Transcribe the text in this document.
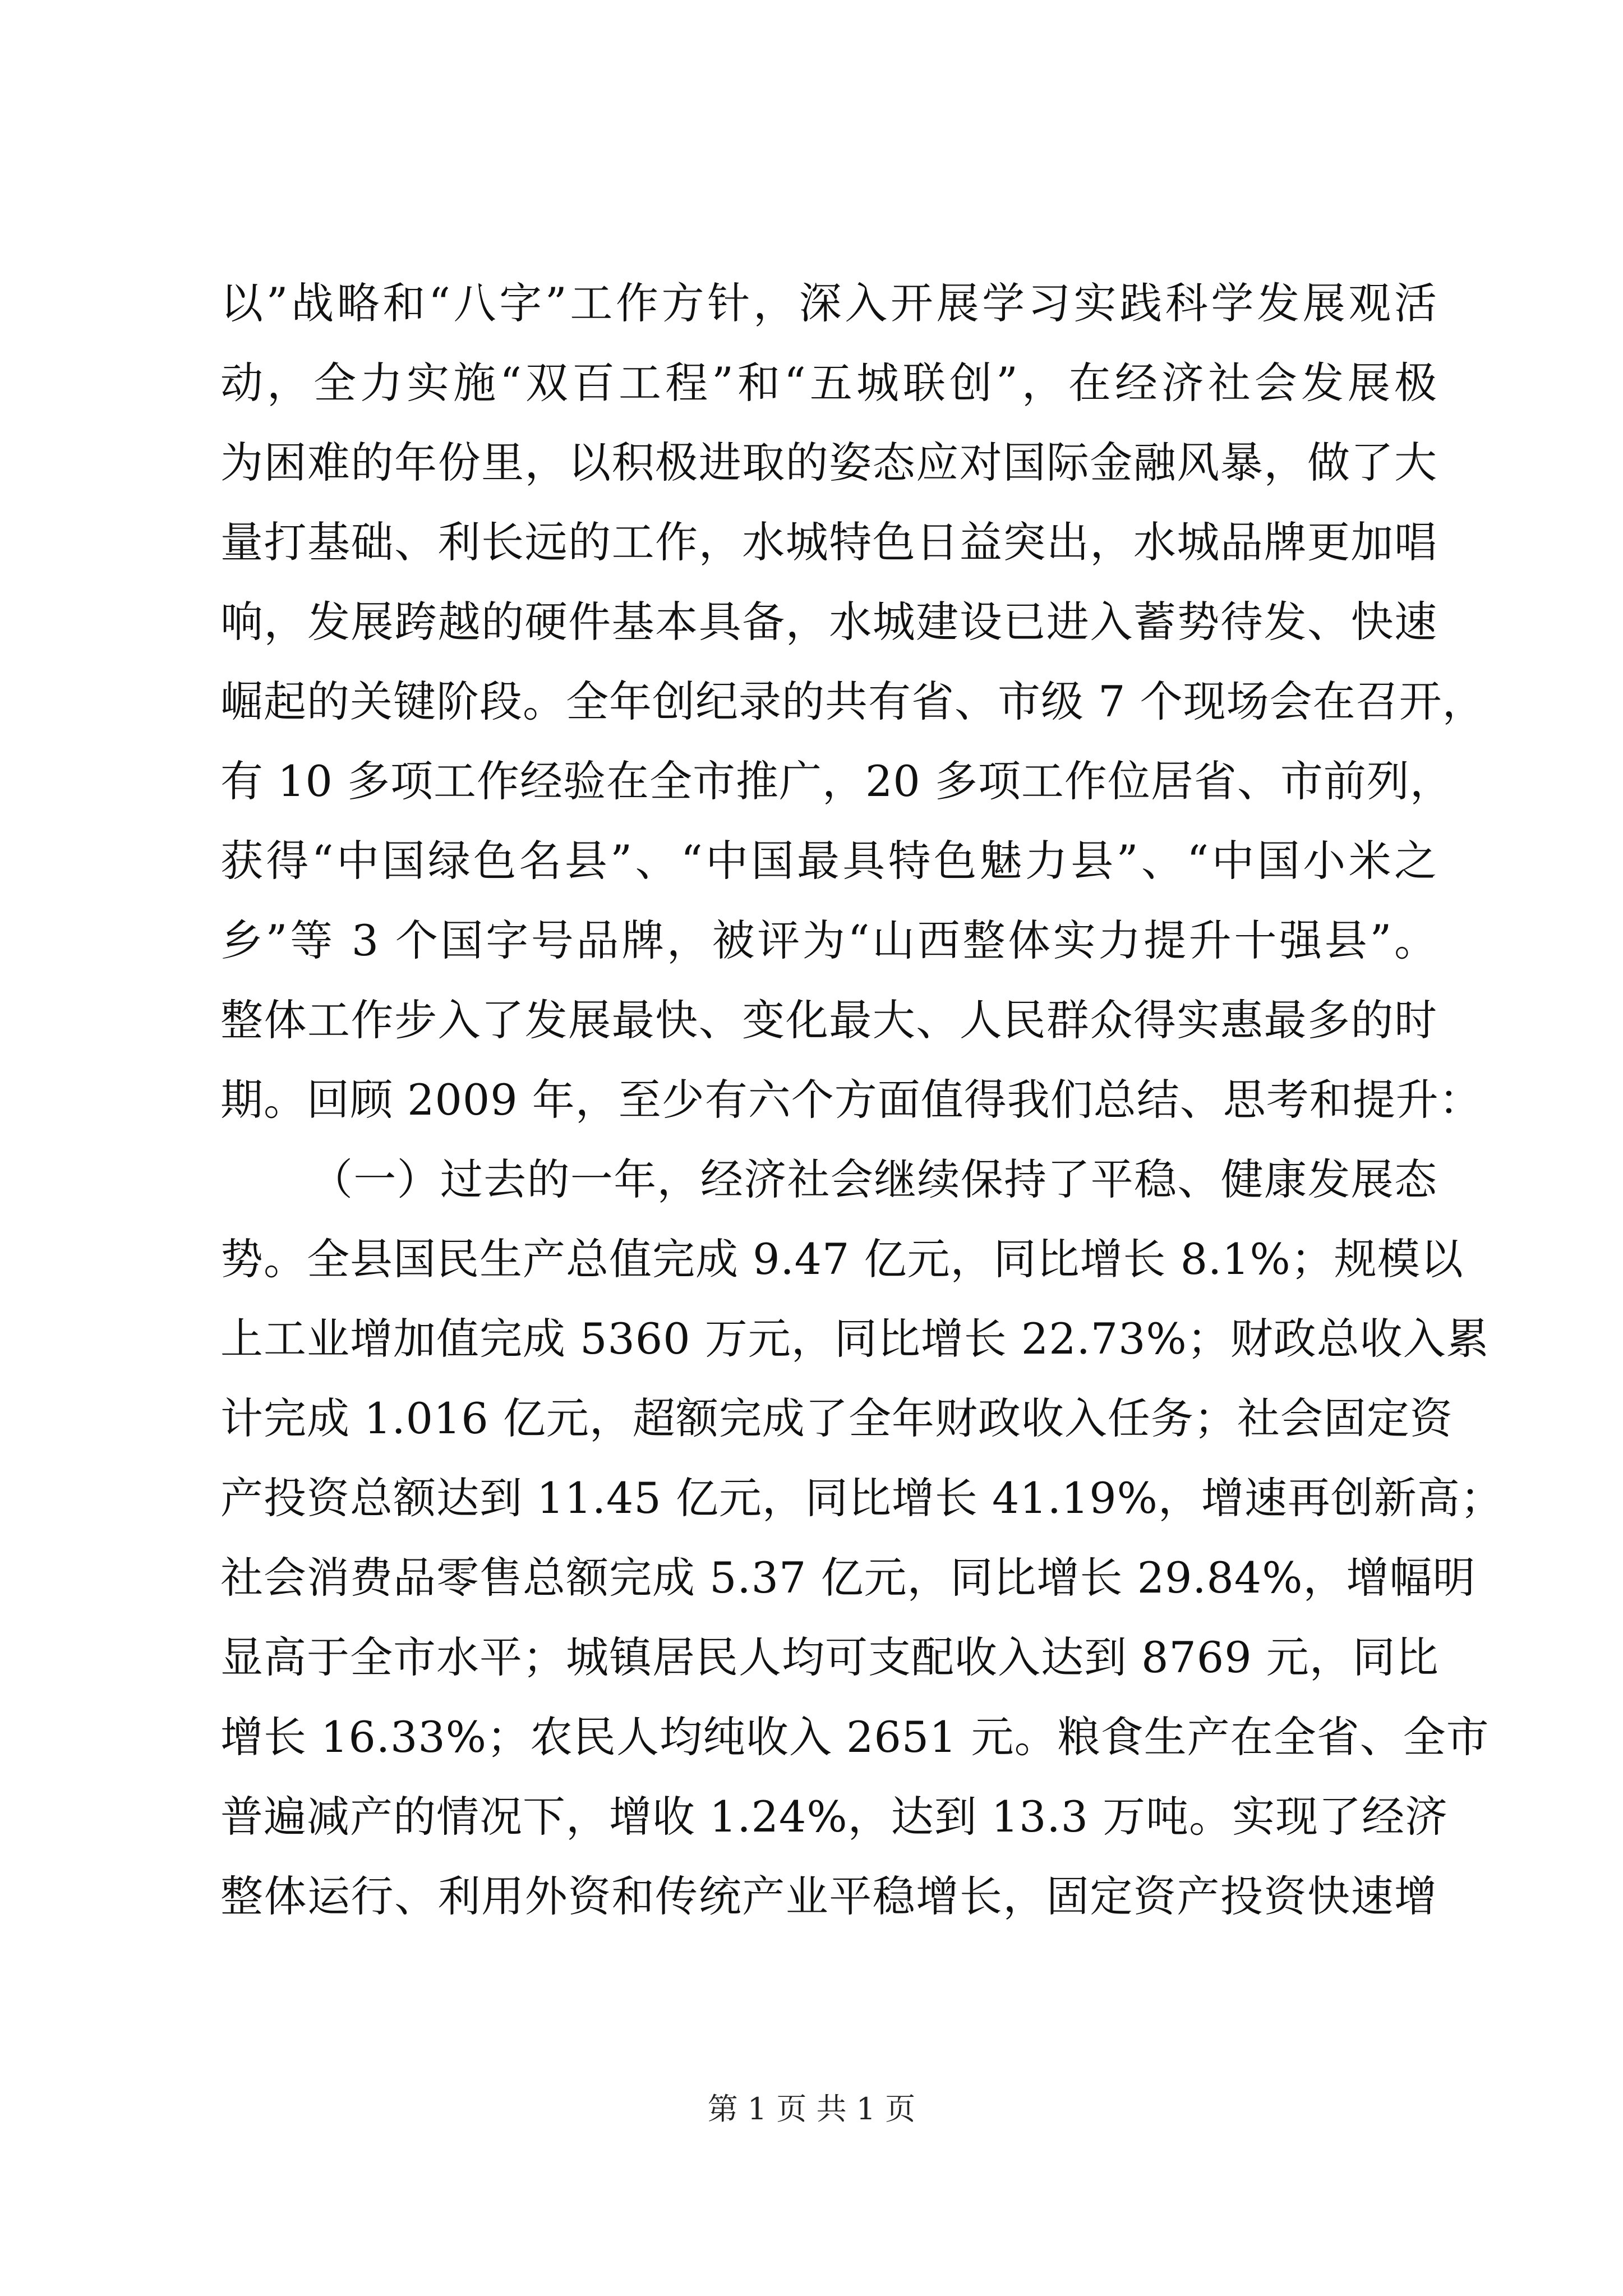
以”战略和“八字”工作方针，深入开展学习实践科学发展观活
动，全力实施“双百工程”和“五城联创”，在经济社会发展极
为困难的年份里，以积极进取的姿态应对国际金融风暴，做了大
量打基础、利长远的工作，水城特色日益突出，水城品牌更加唱
响，发展跨越的硬件基本具备，水城建设已进入蓄势待发、快速
崛起的关键阶段。全年创纪录的共有省、市级 7 个现场会在召开，
有 10 多项工作经验在全市推广，20 多项工作位居省、市前列，
获得“中国绿色名县”、“中国最具特色魅力县”、“中国小米之
乡”等 3 个国字号品牌，被评为“山西整体实力提升十强县”。
整体工作步入了发展最快、变化最大、人民群众得实惠最多的时
期。回顾 2009 年，至少有六个方面值得我们总结、思考和提升：
（一）过去的一年，经济社会继续保持了平稳、健康发展态
势。全县国民生产总值完成 9.47 亿元，同比增长 8.1%；规模以
上工业增加值完成 5360 万元，同比增长 22.73%；财政总收入累
计完成 1.016 亿元，超额完成了全年财政收入任务；社会固定资
产投资总额达到 11.45 亿元，同比增长 41.19%，增速再创新高；
社会消费品零售总额完成 5.37 亿元，同比增长 29.84%，增幅明
显高于全市水平；城镇居民人均可支配收入达到 8769 元，同比
增长 16.33%；农民人均纯收入 2651 元。粮食生产在全省、全市
普遍减产的情况下，增收 1.24%，达到 13.3 万吨。实现了经济
整体运行、利用外资和传统产业平稳增长，固定资产投资快速增
第 1 页 共 1 页
